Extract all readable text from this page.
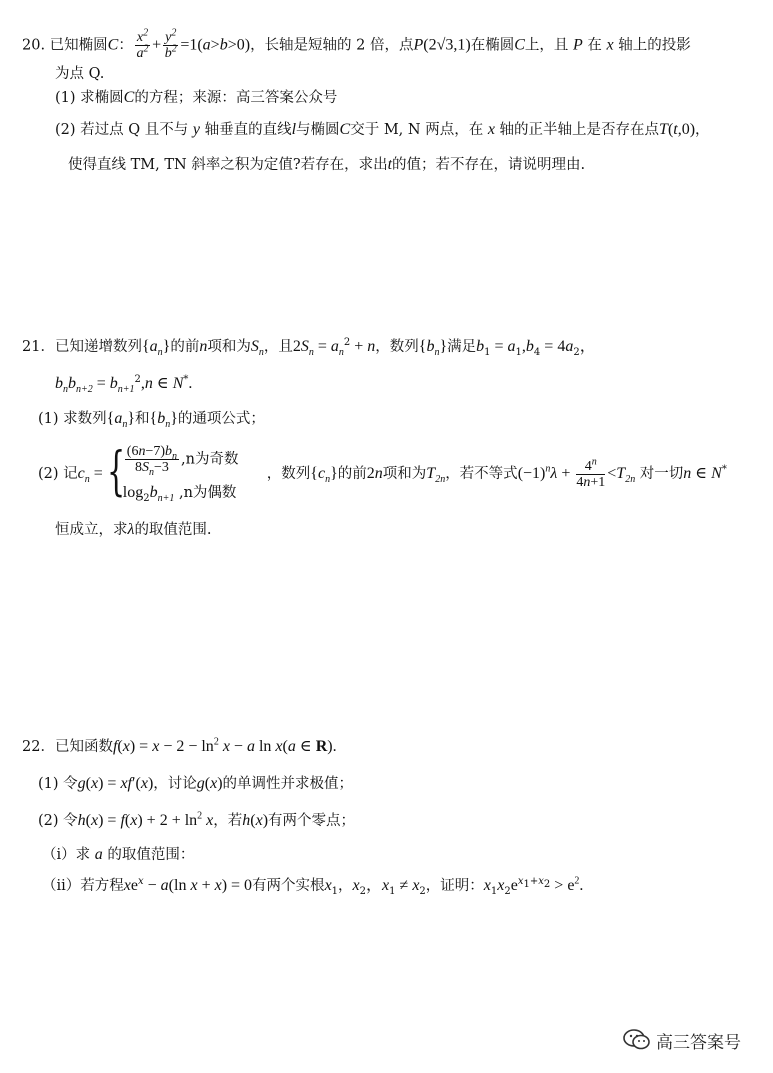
20. 已知椭圆C： $\frac{x^2}{a^2} + \frac{y^2}{b^2} =1(a>b>0)$，长轴是短轴的 2 倍，点P(2√3,1)在椭圆C上，且 P 在 x 轴上的投影
为点 Q.
(1) 求椭圆C的方程；来源：高三答案公众号
(2) 若过点 Q 且不与 y 轴垂直的直线l与椭圆C交于 M, N 两点，在 x 轴的正半轴上是否存在点T(t,0)，
使得直线 TM, TN 斜率之积为定值?若存在，求出t的值；若不存在，请说明理由.
21．已知递增数列$\{a_n\}$的前n项和为$S_n$，且$2S_n = a_n^2 + n$，数列$\{b_n\}$满足$b_1 = a_1,b_4 = 4a_2$，
$b_nb_{n+2} = b_{n+1}^2,n$ ∈ N*.
(1) 求数列$\{a_n\}$和$\{b_n\}$的通项公式；
(2) 记$c_n$ = { $\frac{(6n-7)b_n}{8S_n-3} ,n$为奇数
$\log_2b_{n+1}$ ,n为偶数
，数列$\{c_n\}$的前2n项和为$T_{2n}$，若不等式$(-1)^n\lambda + \frac{4^n}{4n+1} <T_{2n}$ 对一切n ∈ N*
恒成立，求λ的取值范围.
22．已知函数$f(x) = x - 2 - \ln^2 x - a$ ln x(a ∈ R).
(1) 令g(x) = xf′(x)，讨论g(x)的单调性并求极值；
(2) 令$h(x) = f(x) + 2 + \ln^2 x$，若h(x)有两个零点；
（i）求 a 的取值范围：
（ii）若方程$xe^x - a(\ln$ x + x) = 0有两个实根$x_1$，$x_2$，$x_1 \ne x_2$，证明：$x_1x_2e^{x_1+x_2} > e^2$.
高三答案号
